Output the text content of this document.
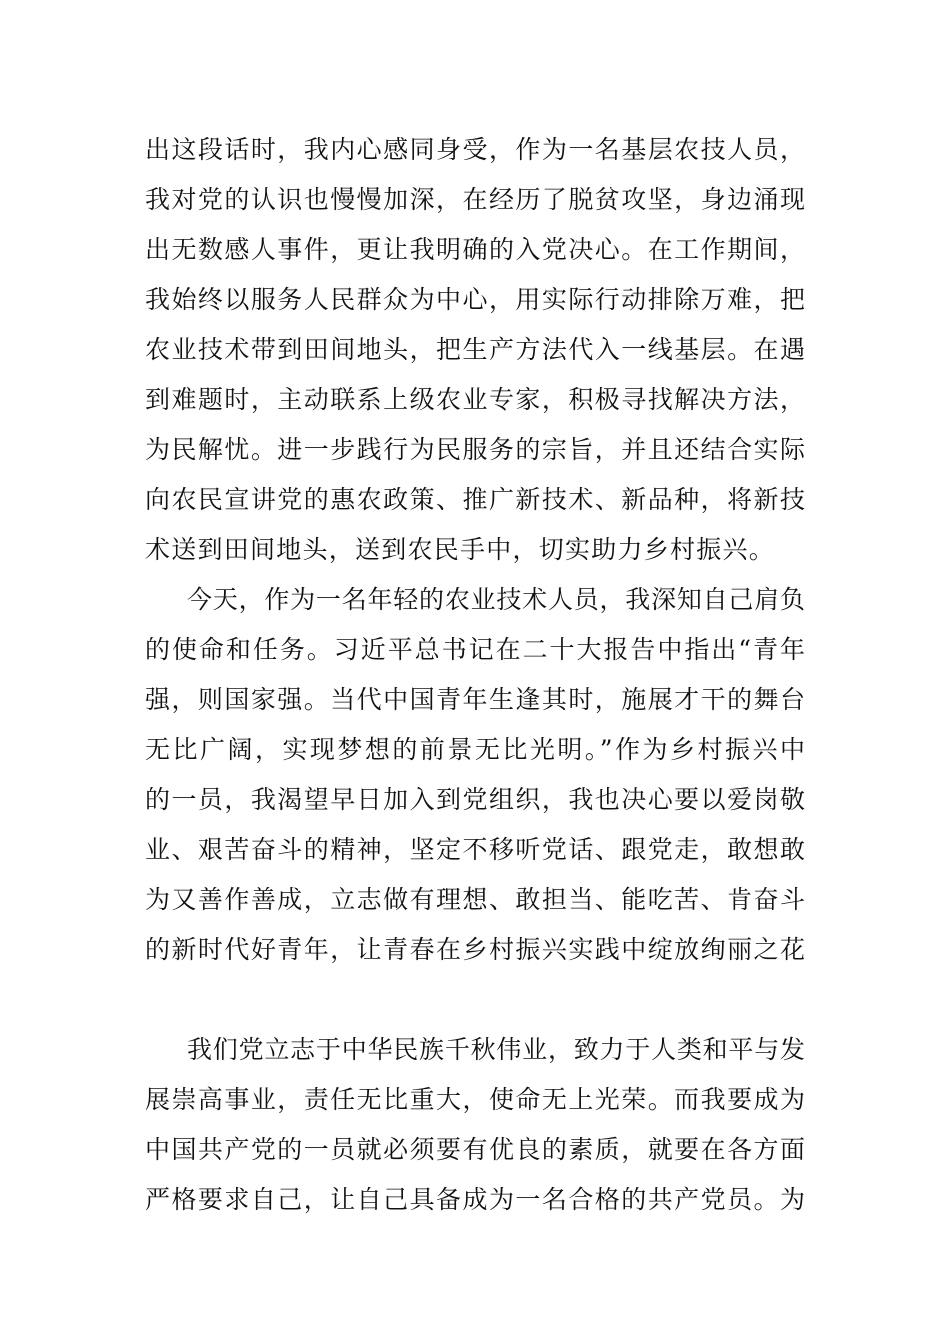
出这段话时，我内心感同身受，作为一名基层农技人员，
我对党的认识也慢慢加深，在经历了脱贫攻坚，身边涌现
出无数感人事件，更让我明确的入党决心。在工作期间，
我始终以服务人民群众为中心，用实际行动排除万难，把
农业技术带到田间地头，把生产方法代入一线基层。在遇
到难题时，主动联系上级农业专家，积极寻找解决方法，
为民解忧。进一步践行为民服务的宗旨，并且还结合实际
向农民宣讲党的惠农政策、推广新技术、新品种，将新技
术送到田间地头，送到农民手中，切实助力乡村振兴。
今天，作为一名年轻的农业技术人员，我深知自己肩负
的使命和任务。习近平总书记在二十大报告中指出“青年
强，则国家强。当代中国青年生逢其时，施展才干的舞台
无比广阔，实现梦想的前景无比光明。”作为乡村振兴中
的一员，我渴望早日加入到党组织，我也决心要以爱岗敬
业、艰苦奋斗的精神，坚定不移听党话、跟党走，敢想敢
为又善作善成，立志做有理想、敢担当、能吃苦、肯奋斗
的新时代好青年，让青春在乡村振兴实践中绽放绚丽之花
我们党立志于中华民族千秋伟业，致力于人类和平与发
展崇高事业，责任无比重大，使命无上光荣。而我要成为
中国共产党的一员就必须要有优良的素质，就要在各方面
严格要求自己，让自己具备成为一名合格的共产党员。为
